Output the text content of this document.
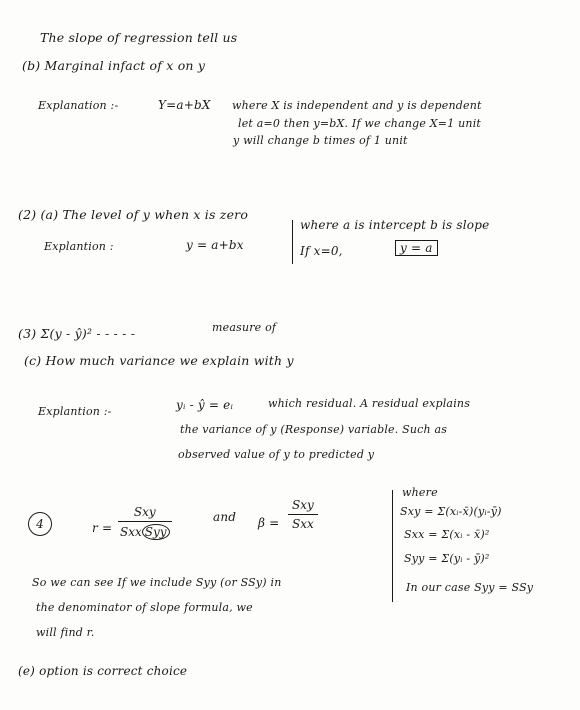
The slope of regression tell us
(b) Marginal infact of x on y
Explanation :-	Y=a+bX where X is independent and y is dependent
let a=0 then y=bX. If we change X=1 unit
y will change b times of 1 unit
(2) (a) The level of y when x is zero
Explantion :	y = a+bx
where a is intercept b is slope
If x=0,	y = a
(3) Σ(y - ŷ)² - - - - -	measure of
(c) How much variance we explain with y
Explantion :-	yᵢ - ŷ = eᵢ	which residual. A residual explains
the variance of y (Response) variable. Such as
observed value of y to predicted y
4	r =
Sxy
Sxx Syy
and β =
Sxy
Sxx
where
Sxy = Σ(xᵢ-x̄)(yᵢ-ȳ)
Sxx = Σ(xᵢ - x̄)²
Syy = Σ(yᵢ - ȳ)²
In our case Syy = SSy
So we can see If we include Syy (or SSy) in
the denominator of slope formula, we
will find r.
(e) option is correct choice
